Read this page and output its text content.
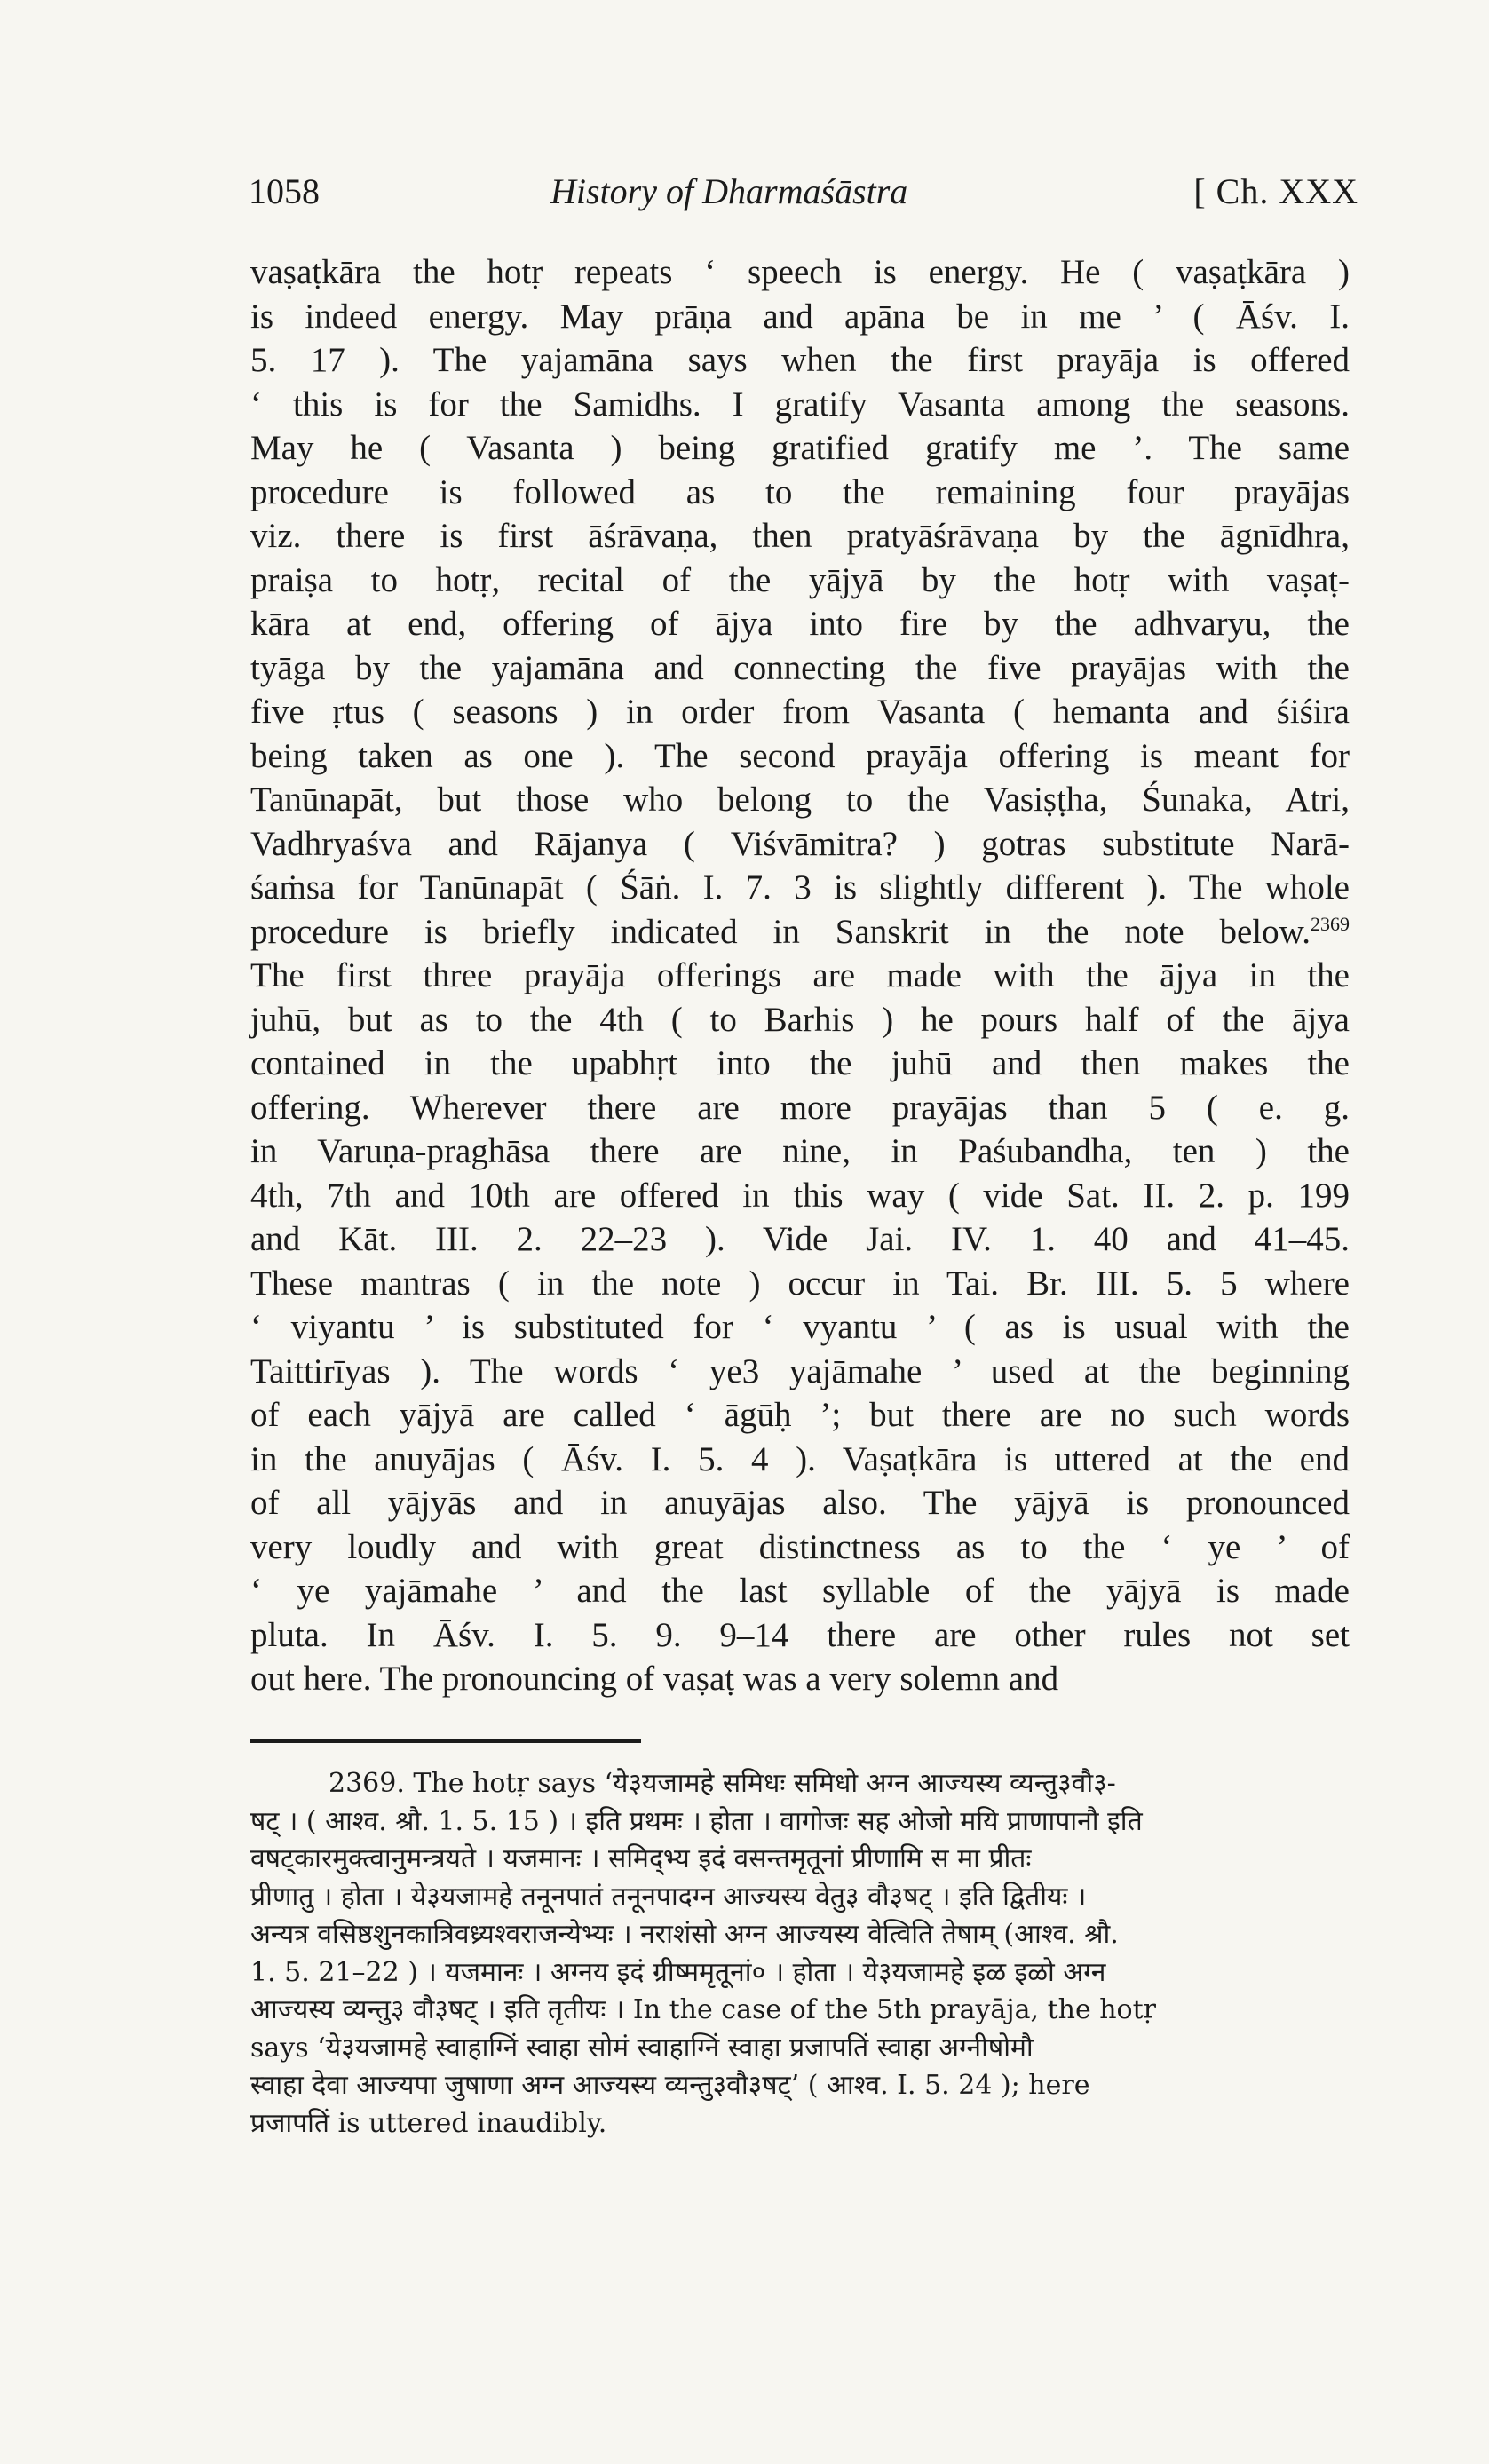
1058	History of Dharmaśāstra	[ Ch. XXX
vaṣaṭkāra the hotṛ repeats ‘ speech is energy. He ( vaṣaṭkāra )
is indeed energy. May prāṇa and apāna be in me ’ ( Āśv. I.
5. 17 ). The yajamāna says when the first prayāja is offered
‘ this is for the Samidhs. I gratify Vasanta among the seasons.
May he ( Vasanta ) being gratified gratify me ’. The same
procedure is followed as to the remaining four prayājas
viz. there is first āśrāvaṇa, then pratyāśrāvaṇa by the āgnīdhra,
praiṣa to hotṛ, recital of the yājyā by the hotṛ with vaṣaṭ-
kāra at end, offering of ājya into fire by the adhvaryu, the
tyāga by the yajamāna and connecting the five prayājas with the
five ṛtus ( seasons ) in order from Vasanta ( hemanta and śiśira
being taken as one ). The second prayāja offering is meant for
Tanūnapāt, but those who belong to the Vasiṣṭha, Śunaka, Atri,
Vadhryaśva and Rājanya ( Viśvāmitra? ) gotras substitute Narā-
śaṁsa for Tanūnapāt ( Śāṅ. I. 7. 3 is slightly different ). The whole
procedure is briefly indicated in Sanskrit in the note below.$^{2369}$
The first three prayāja offerings are made with the ājya in the
juhū, but as to the 4th ( to Barhis ) he pours half of the ājya
contained in the upabhṛt into the juhū and then makes the
offering. Wherever there are more prayājas than 5 ( e. g.
in Varuṇa-praghāsa there are nine, in Paśubandha, ten ) the
4th, 7th and 10th are offered in this way ( vide Sat. II. 2. p. 199
and Kāt. III. 2. 22–23 ). Vide Jai. IV. 1. 40 and 41–45.
These mantras ( in the note ) occur in Tai. Br. III. 5. 5 where
‘ viyantu ’ is substituted for ‘ vyantu ’ ( as is usual with the
Taittirīyas ). The words ‘ ye3 yajāmahe ’ used at the beginning
of each yājyā are called ‘ āgūḥ ’; but there are no such words
in the anuyājas ( Āśv. I. 5. 4 ). Vaṣaṭkāra is uttered at the end
of all yājyās and in anuyājas also. The yājyā is pronounced
very loudly and with great distinctness as to the ‘ ye ’ of
‘ ye yajāmahe ’ and the last syllable of the yājyā is made
pluta. In Āśv. I. 5. 9. 9–14 there are other rules not set
out here. The pronouncing of vaṣaṭ was a very solemn and
2369. The hotṛ says ‘ये३यजामहे समिधः समिधो अग्न आज्यस्य व्यन्तु३वौ३-
षट् । ( आश्व. श्रौ. 1. 5. 15 ) । इति प्रथमः । होता । वागोजः सह ओजो मयि प्राणापानौ इति
वषट्कारमुक्त्वानुमन्त्रयते । यजमानः । समिद्भ्य इदं वसन्तमृतूनां प्रीणामि स मा प्रीतः
प्रीणातु । होता । ये३यजामहे तनूनपातं तनूनपादग्न आज्यस्य वेतु३ वौ३षट् । इति द्वितीयः ।
अन्यत्र वसिष्ठशुनकात्रिवध्र्यश्वराजन्येभ्यः । नराशंसो अग्न आज्यस्य वेत्विति तेषाम् (आश्व. श्रौ.
1. 5. 21–22 ) । यजमानः । अग्नय इदं ग्रीष्ममृतूनां० । होता । ये३यजामहे इळ इळो अग्न
आज्यस्य व्यन्तु३ वौ३षट् । इति तृतीयः । In the case of the 5th prayāja, the hotṛ
says ‘ये३यजामहे स्वाहाग्निं स्वाहा सोमं स्वाहाग्निं स्वाहा प्रजापतिं स्वाहा अग्नीषोमौ
स्वाहा देवा आज्यपा जुषाणा अग्न आज्यस्य व्यन्तु३वौ३षट्’ ( आश्व. I. 5. 24 ); here
प्रजापतिं is uttered inaudibly.
